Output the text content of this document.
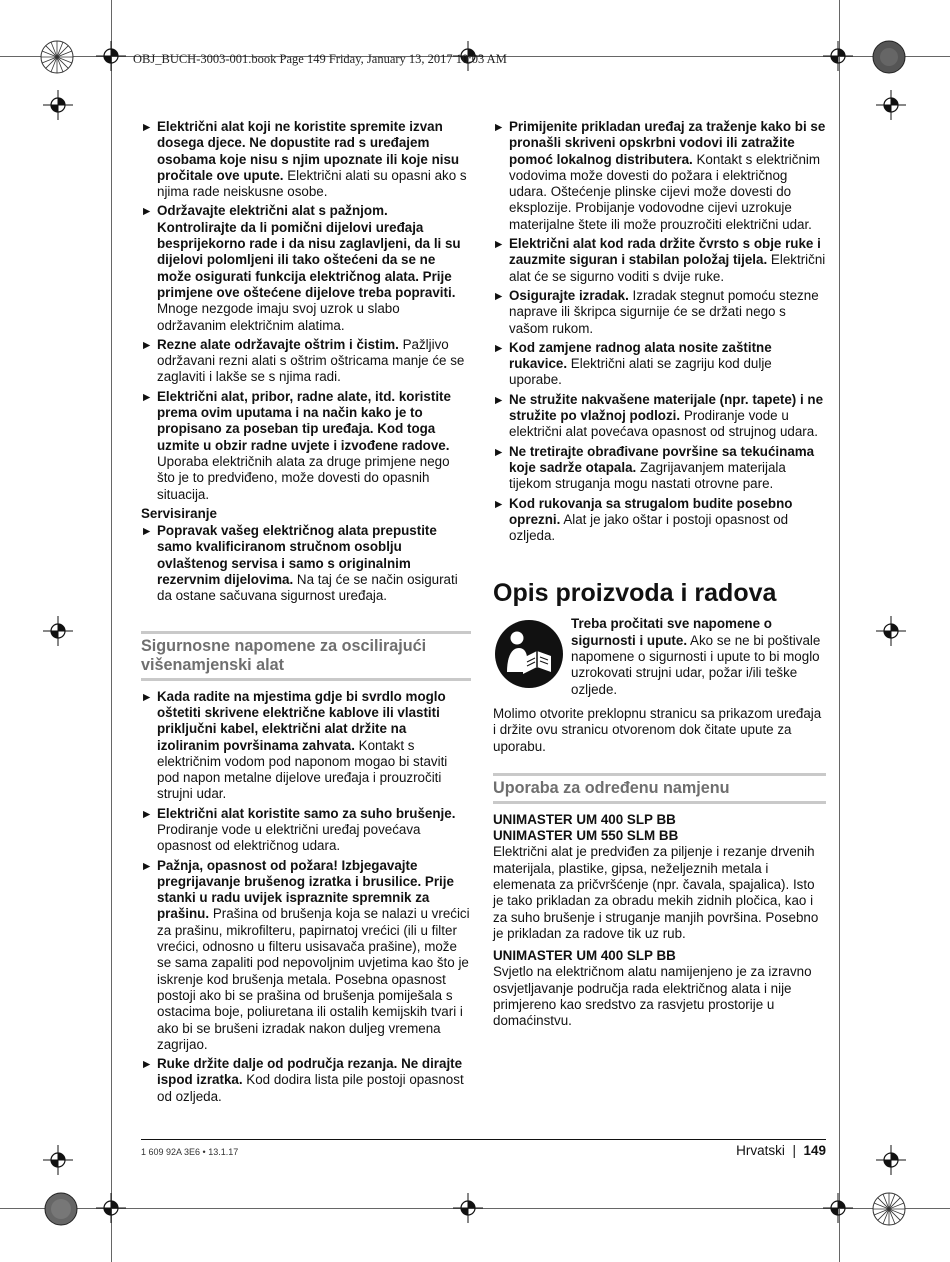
OBJ_BUCH-3003-001.book Page 149 Friday, January 13, 2017 10:03 AM
▶ Električni alat koji ne koristite spremite izvan dosega djece. Ne dopustite rad s uređajem osobama koje nisu s njim upoznate ili koje nisu pročitale ove upute. Električni alati su opasni ako s njima rade neiskusne osobe.
▶ Održavajte električni alat s pažnjom. Kontrolirajte da li pomični dijelovi uređaja besprijekorno rade i da nisu zaglavljeni, da li su dijelovi polomljeni ili tako oštećeni da se ne može osigurati funkcija električnog alata. Prije primjene ove oštećene dijelove treba popraviti. Mnoge nezgode imaju svoj uzrok u slabo održavanim električnim alatima.
▶ Rezne alate održavajte oštrim i čistim. Pažljivo održavani rezni alati s oštrim oštricama manje će se zaglaviti i lakše se s njima radi.
▶ Električni alat, pribor, radne alate, itd. koristite prema ovim uputama i na način kako je to propisano za poseban tip uređaja. Kod toga uzmite u obzir radne uvjete i izvođene radove. Uporaba električnih alata za druge primjene nego što je to predviđeno, može dovesti do opasnih situacija.
Servisiranje
▶ Popravak vašeg električnog alata prepustite samo kvalificiranom stručnom osoblju ovlaštenog servisa i samo s originalnim rezervnim dijelovima. Na taj će se način osigurati da ostane sačuvana sigurnost uređaja.
Sigurnosne napomene za oscilirajući višenamjenski alat
▶ Kada radite na mjestima gdje bi svrdlo moglo oštetiti skrivene električne kablove ili vlastiti priključni kabel, električni alat držite na izoliranim površinama zahvata. Kontakt s električnim vodom pod naponom mogao bi staviti pod napon metalne dijelove uređaja i prouzročiti strujni udar.
▶ Električni alat koristite samo za suho brušenje. Prodiranje vode u električni uređaj povećava opasnost od električnog udara.
▶ Pažnja, opasnost od požara! Izbjegavajte pregrijavanje brušenog izratka i brusilice. Prije stanki u radu uvijek ispraznite spremnik za prašinu. Prašina od brušenja koja se nalazi u vrećici za prašinu, mikrofilteru, papirnatoj vrećici (ili u filter vrećici, odnosno u filteru usisavača prašine), može se sama zapaliti pod nepovoljnim uvjetima kao što je iskrenje kod brušenja metala. Posebna opasnost postoji ako bi se prašina od brušenja pomiješala s ostacima boje, poliuretana ili ostalih kemijskih tvari i ako bi se brušeni izradak nakon duljeg vremena zagrijao.
▶ Ruke držite dalje od područja rezanja. Ne dirajte ispod izratka. Kod dodira lista pile postoji opasnost od ozljeda.
▶ Primijenite prikladan uređaj za traženje kako bi se pronašli skriveni opskrbni vodovi ili zatražite pomoć lokalnog distributera. Kontakt s električnim vodovima može dovesti do požara i električnog udara. Oštećenje plinske cijevi može dovesti do eksplozije. Probijanje vodovodne cijevi uzrokuje materijalne štete ili može prouzročiti električni udar.
▶ Električni alat kod rada držite čvrsto s obje ruke i zauzmite siguran i stabilan položaj tijela. Električni alat će se sigurno voditi s dvije ruke.
▶ Osigurajte izradak. Izradak stegnut pomoću stezne naprave ili škripca sigurnije će se držati nego s vašom rukom.
▶ Kod zamjene radnog alata nosite zaštitne rukavice. Električni alati se zagriju kod dulje uporabe.
▶ Ne stružite nakvašene materijale (npr. tapete) i ne stružite po vlažnoj podlozi. Prodiranje vode u električni alat povećava opasnost od strujnog udara.
▶ Ne tretirajte obrađivane površine sa tekućinama koje sadrže otapala. Zagrijavanjem materijala tijekom struganja mogu nastati otrovne pare.
▶ Kod rukovanja sa strugalom budite posebno oprezni. Alat je jako oštar i postoji opasnost od ozljeda.
Opis proizvoda i radova
Treba pročitati sve napomene o sigurnosti i upute. Ako se ne bi poštivale napomene o sigurnosti i upute to bi moglo uzrokovati strujni udar, požar i/ili teške ozljede.
Molimo otvorite preklopnu stranicu sa prikazom uređaja i držite ovu stranicu otvorenom dok čitate upute za uporabu.
Uporaba za određenu namjenu
UNIMASTER UM 400 SLP BB
UNIMASTER UM 550 SLM BB
Električni alat je predviđen za piljenje i rezanje drvenih materijala, plastike, gipsa, neželjeznih metala i elemenata za pričvršćenje (npr. čavala, spajalica). Isto je tako prikladan za obradu mekih zidnih pločica, kao i za suho brušenje i struganje manjih površina. Posebno je prikladan za radove tik uz rub.
UNIMASTER UM 400 SLP BB
Svjetlo na električnom alatu namijenjeno je za izravno osvjetljavanje područja rada električnog alata i nije primjereno kao sredstvo za rasvjetu prostorije u domaćinstvu.
1 609 92A 3E6 • 13.1.17	Hrvatski | 149
